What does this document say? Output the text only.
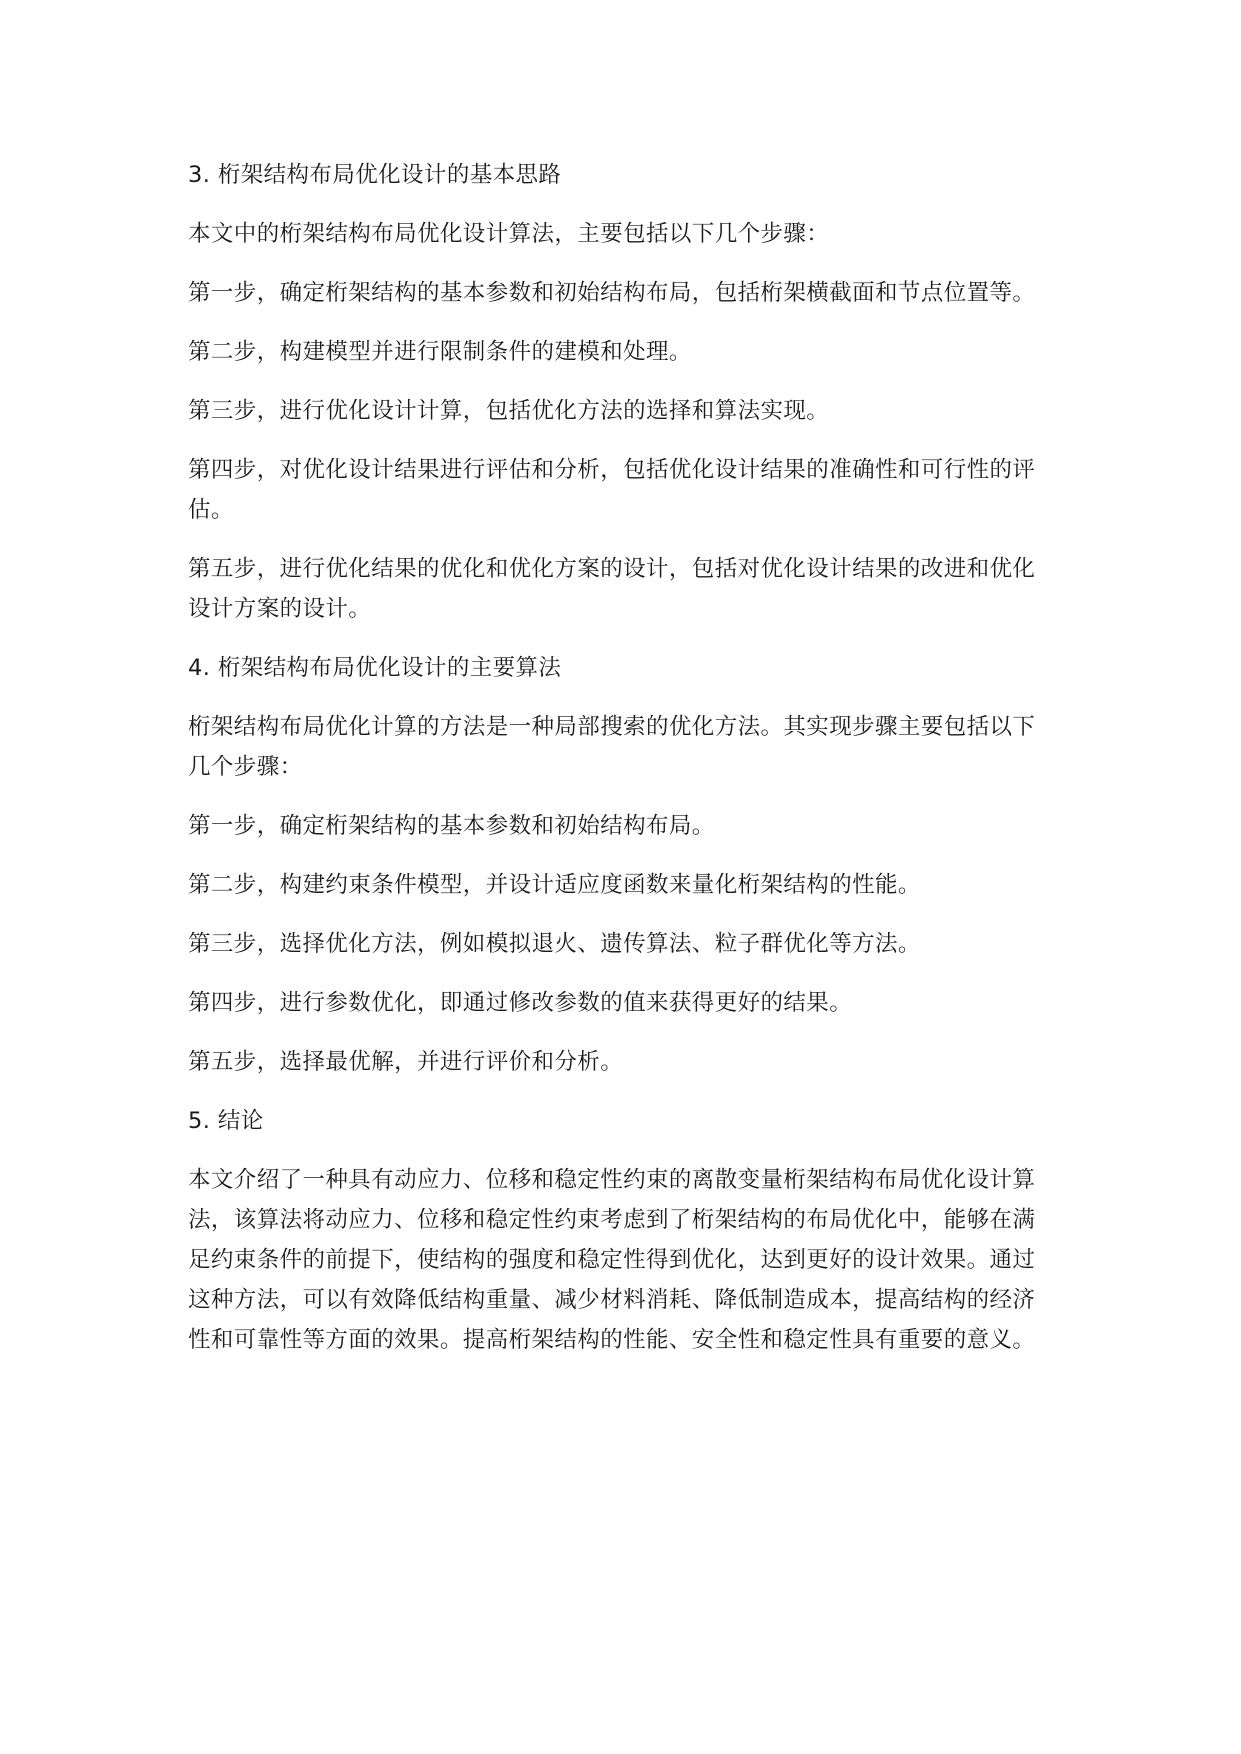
3. 桁架结构布局优化设计的基本思路

本文中的桁架结构布局优化设计算法，主要包括以下几个步骤：

第一步，确定桁架结构的基本参数和初始结构布局，包括桁架横截面和节点位置等。

第二步，构建模型并进行限制条件的建模和处理。

第三步，进行优化设计计算，包括优化方法的选择和算法实现。

第四步，对优化设计结果进行评估和分析，包括优化设计结果的准确性和可行性的评估。

第五步，进行优化结果的优化和优化方案的设计，包括对优化设计结果的改进和优化设计方案的设计。

4. 桁架结构布局优化设计的主要算法

桁架结构布局优化计算的方法是一种局部搜索的优化方法。其实现步骤主要包括以下几个步骤：

第一步，确定桁架结构的基本参数和初始结构布局。

第二步，构建约束条件模型，并设计适应度函数来量化桁架结构的性能。

第三步，选择优化方法，例如模拟退火、遗传算法、粒子群优化等方法。

第四步，进行参数优化，即通过修改参数的值来获得更好的结果。

第五步，选择最优解，并进行评价和分析。

5. 结论

本文介绍了一种具有动应力、位移和稳定性约束的离散变量桁架结构布局优化设计算法，该算法将动应力、位移和稳定性约束考虑到了桁架结构的布局优化中，能够在满足约束条件的前提下，使结构的强度和稳定性得到优化，达到更好的设计效果。通过这种方法，可以有效降低结构重量、减少材料消耗、降低制造成本，提高结构的经济性和可靠性等方面的效果。提高桁架结构的性能、安全性和稳定性具有重要的意义。
